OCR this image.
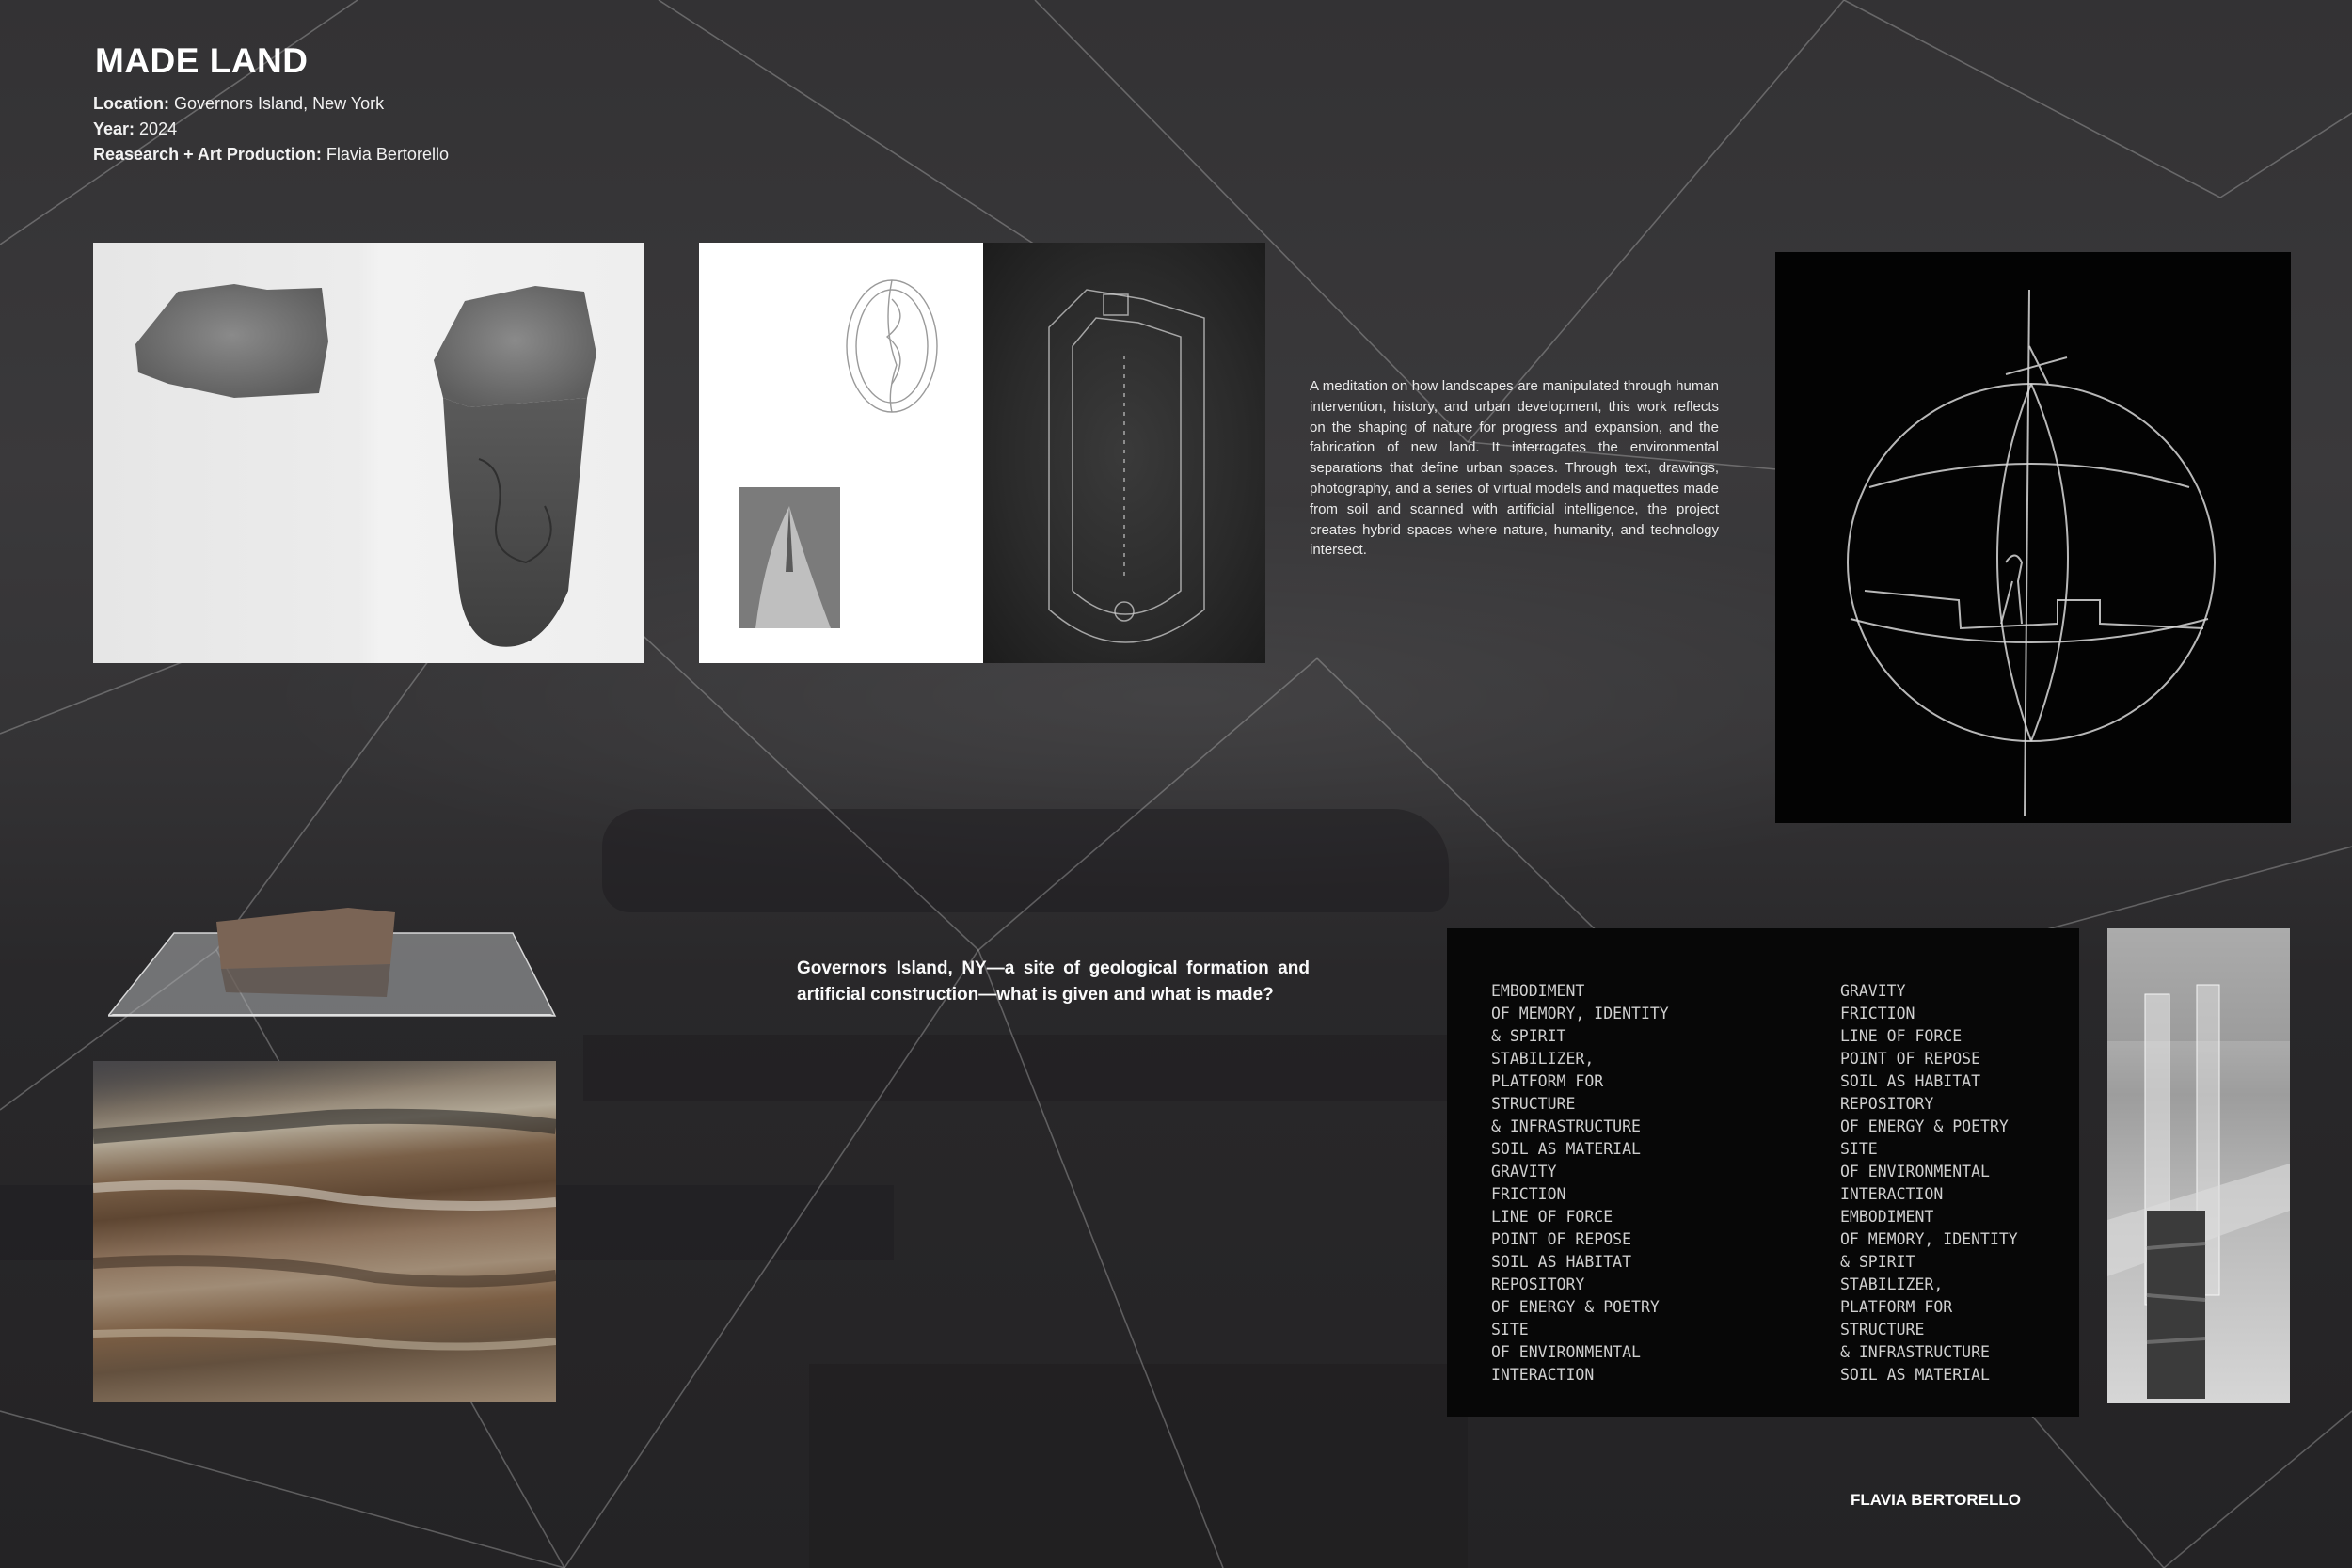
MADE LAND
Location: Governors Island, New York
Year: 2024
Reasearch + Art Production: Flavia Bertorello
A meditation on how landscapes are manipulated through human intervention, history, and urban development, this work reflects on the shaping of nature for progress and expansion, and the fabrication of new land. It interrogates the environmental separations that define urban spaces. Through text, drawings, photography, and a series of virtual models and maquettes made from soil and scanned with artificial intelligence, the project creates hybrid spaces where nature, humanity, and technology intersect.
Governors Island, NY—a site of geological formation and artificial construction—what is given and what is made?	EMBODIMENT
OF MEMORY, IDENTITY
& SPIRIT
STABILIZER,
PLATFORM FOR
STRUCTURE
& INFRASTRUCTURE
SOIL AS MATERIAL
GRAVITY
FRICTION
LINE OF FORCE
POINT OF REPOSE
SOIL AS HABITAT
REPOSITORY
OF ENERGY & POETRY
SITE
OF ENVIRONMENTAL
INTERACTION
GRAVITY
FRICTION
LINE OF FORCE
POINT OF REPOSE
SOIL AS HABITAT
REPOSITORY
OF ENERGY & POETRY
SITE
OF ENVIRONMENTAL
INTERACTION
EMBODIMENT
OF MEMORY, IDENTITY
& SPIRIT
STABILIZER,
PLATFORM FOR
STRUCTURE
& INFRASTRUCTURE
SOIL AS MATERIAL
FLAVIA BERTORELLO
